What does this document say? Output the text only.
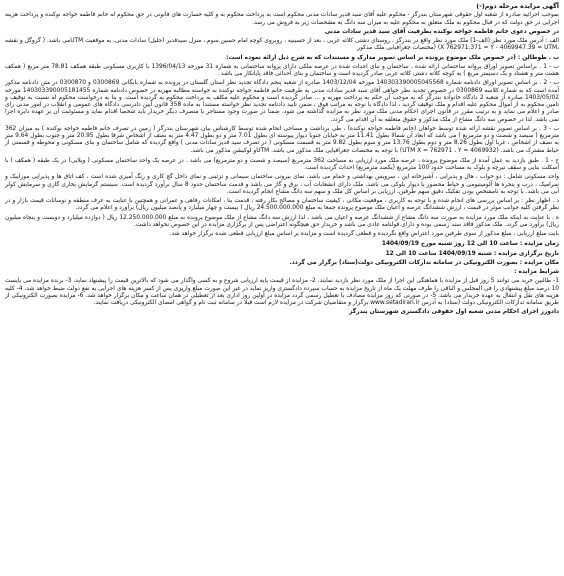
آگهی مزایده مرحله دوم(-)
بموجب اجرائیه صادره از شعبه اول حقوقی شهرستان بندرگز - محکوم علیه آقای سید قدیر سادات مدنی محکوم است به پرداخت محکوم به و کلیه خسارت های قانونی در حق محکوم له خانم فاطمه خواجه نوکنده و پرداخت هزینه اجرایی در حق دولت که در قبال محکوم به ملک متعلق به محکوم علیه به میزان سه دانگ به مشخصات زیر به فروش می رسد.
در خصوص دعوی خانم فاطمه خواجه نوکنده بطرفیت آقای سید قدیر سادات مدنی
الف : آدرس ملک مورد نظر (الف-1) ملک مورد نظر واقع در بندرگز ، روستای دشتی کلاته عربی ، بعد از حسینیه ، روبروی کوچه امام حسین سوم ، منزل سیدقدیر (جلیل) سادات مدنی. به موقعیت UTMمی باشد. ( گروگل و نقشه ،X 762971.371 = Y - 4069947.39 = UTM) (مختصات جغرافیایی ملک مذکور
ب . طوطالن : (در خصوص ملک موضوع پرونده بر اساس تصویر مدارک و مستندات که به شرح ذیل ارائه نموده است:
ب - 1 . براساس تصویر اوراق پروانه ساختمانی ارائه شده ، ساختمان و بنای احداث شده در عرصه ملکی دارای پروانه ساختمانی به شماره 31 مورخه 1396/04/13 با کاربری مسکونی طبقه همکف 78.81 متر مربع ( همکف هشت متر و هشتاد و یک دسیمتر مربع ) به کوچه کلاته دشتی کلاته عربی صادر گردیده است و ساختمان و بنای احداثی فاقد پایانکار می باشد .
ب - 2 . بر اساس تصویر اوراق دادنامه شماره 140303390005045568 مورخه 1403/12/04 صادره از شعبه پنجم دادگاه تجدید نظر استان گلستان در پرونده به شماره بایگانی 0300869 و 0300870 در متن دادنامه مذکور آمده است که به شماره کلاسه 0300869 در خصوص تجدید نظر خواهی آقای سید قدیر سادات مدنی به طرفیت خانم فاطمه خواجه نوکنده به خواسته مطالبه مهریه در خصوص دادنامه شماره 140303390005181455 مورخه 1403/05/02 صادره از شعبه 2 دادگاه خانواده بندرگز که به موجب آن حکم به پرداخت مهریه و ... صادر گردیده است و محکوم علیه مکلف به پرداخت محکوم به گردیده است. و بنا به درخواست محکوم له نسبت به توقیف و تامین محکوم به از اموال محکوم علیه اقدام و ملک توقیف گردید ، لذا دادگاه با توجه به مراتب فوق ، ضمن تایید دادنامه تجدید نظر خواسته مستندا به ماده 358 قانون آیین دادرسی دادگاه های عمومی و انقلاب در امور مدنی رای صادر و اعلام می نماید و به ترتیب مقرر در قانون اجرای احکام مدنی ملک مورد نظر به مزایده گذاشته می شود. ضمنا در صورت وجود مستاجر یا متصرف دیگر خریدار باید شخصا اقدام نماید و مسئولیت آن بر عهده دایره اجرا نمی باشد. لذا در خصوص سه دانگ مشاع از ملک مذکور و حقوق متعلقه به آن اقدام می گردد.
ب - 3 . بر اساس تصویر نقشه ارائه شده توسط خواهان (خانم فاطمه خواجه نوکنده) ، طی برداشت و مساحی انجام شده توسط کارشناس بیان شهرستان بندرگز ( زمین در تصرف خانم فاطمه خواجه نوکنده ) به میزان 362 مترمربع ( سیصد و شصت و دو مترمربع ) می باشد که ابعاد آن شمالا بطول 11.41 متر به خیابان جنوبا دیوار پیوسته ای بطول 7.01 متر و دو بطول 4.47 متر به نصف از اشخاص شرقا بطول 20.95 متر و جنوب بطول 9.64 متر به نصف از اشخاص ، غربا اول بطول 8.26 متر و دوم بطول 13.76 متر و سوم بطول 9.82 متر به قسمت مسکونی ( در تصرف سید قدیر سادات مدنی ) واقع گردیده که شامل ساختمان و بنای مسکونی و محوطه و قسمتی از حیاط مشترک می باشد. (UTM X = 762971 ، Y = 4069932) با توجه به مختصات جغرافیایی ملک مذکور می باشد. UTMو لوکیشن مذکور می باشد.
ج - 1 . طبق بازدید به عمل آمده از ملک موضوع پرونده ، عرصه ملک مورد ارزیابی به مساحت 362 مترمربع (سیصد و شصت و دو مترمربع) می باشد . در عرصه یک واحد ساختمان مسکونی ( ویلایی) در یک طبقه ( همکف ) با اسکلت بنایی و سقف تیرچه و بلوک به مساحت حدود 100 مترمربع (یکصد مترمربع) احداث گردیده است.
واحد مسکونی شامل : دو خواب ، هال و پذیرایی ، آشپزخانه اپن ، سرویس بهداشتی و حمام می باشد. نمای بیرونی ساختمان سیمانی و تزئینی و نمای داخل گچ کاری و رنگ آمیزی شده است ، کف اتاق ها و پذیرایی موزاییک و سرامیک ، درب و پنجره ها آلومینیومی و حیاط محصور با دیوار بلوکی می باشد. ملک دارای انشعابات آب ، برق و گاز می باشد و قدمت ساختمان حدود 8 سال برآورد گردیده است. سیستم گرمایش بخاری گازی و سرمایش کولر آبی می باشد. با توجه به نامشخص بودن تفکیک دقیق سهم طرفین، ارزیابی بر اساس کل ملک و سهم سه دانگ مشاع انجام گردیده است.
د . اظهار نظر : بر اساس بررسی های انجام شده و با توجه به کاربری ، موقعیت مکانی ، کیفیت ساختمان و مصالح بکار رفته ، قدمت بنا ، امکانات رفاهی و عمرانی و همچنین با عنایت به عرف منطقه و نوسانات قیمت بازار و در نظر گرفتن کلیه جوانب موثر در قیمت ، ارزش ششدانگ عرصه و اعیان ملک موضوع پرونده جمعا به مبلغ 24.500.000.000 ریال ( بیست و چهار میلیارد و پانصد میلیون ریال) برآورد و اعلام می گردد.
ه . با عنایت به اینکه ملک مورد مزایده به صورت سه دانگ مشاع از ششدانگ عرصه و اعیان می باشد ، لذا ارزش سه دانگ مشاع از ملک موضوع پرونده به مبلغ 12.250.000.000 ریال ( دوازده میلیارد و دویست و پنجاه میلیون ریال) برآورد می گردد. ملک مذکور فاقد سند رسمی بوده و دارای قولنامه عادی می باشد و خریدار حق هیچگونه اعتراضی پس از برگزاری مزایده در این خصوص نخواهد داشت.
بابت مبلغ ارزیابی ، مبلغ مذکور از سوی طرفین مورد اعتراض واقع نگردیده و قطعی گردیده است و مزایده بر اساس مبلغ ارزیابی قطعی شده برگزار خواهد شد.
زمان مزایده : ساعت 10 الی 12 روز شنبه مورخ 1404/09/19
تاریخ برگزاری مزایده : شنبه 1404/09/19 ساعت 10 الی 12
مکان مزایده : بصورت الکترونیکی در سامانه تدارکات الکترونیکی دولت(ستاد) برگزار می گردد.
شرایط مزایده :
1- طالبین خرید می توانند 5 روز قبل از مزایده با هماهنگی این اجرا از ملک مورد نظر بازدید نمایند. 2- مزایده از قیمت پایه ارزیابی شروع و به کسی واگذار می شود که بالاترین قیمت را پیشنهاد نماید. 3- برنده مزایده می بایست 10 درصد مبلغ پیشنهادی را فی المجلس و الباقی را ظرف مهلت یک ماه از تاریخ مزایده به حساب سپرده دادگستری واریز نماید در غیر این صورت مبلغ واریزی پس از کسر هزینه های اجرایی به نفع دولت ضبط خواهد شد. 4- کلیه هزینه های نقل و انتقال به عهده خریدار می باشد. 5- در صورتی که روز مزایده مصادف با تعطیل رسمی گردد مزایده در اولین روز اداری بعد از تعطیلی در همان ساعت و مکان برگزار خواهد شد. 6- مزایده بصورت الکترونیکی از طریق سامانه تدارکات الکترونیکی دولت (ستاد) به آدرس www.setadiran.ir برگزار و متقاضیان شرکت در مزایده لازم است قبلا در سامانه ثبت نام و گواهی امضای الکترونیکی دریافت نمایند.
دادورز اجرای احکام مدنی شعبه اول حقوقی دادگستری شهرستان بندرگز
